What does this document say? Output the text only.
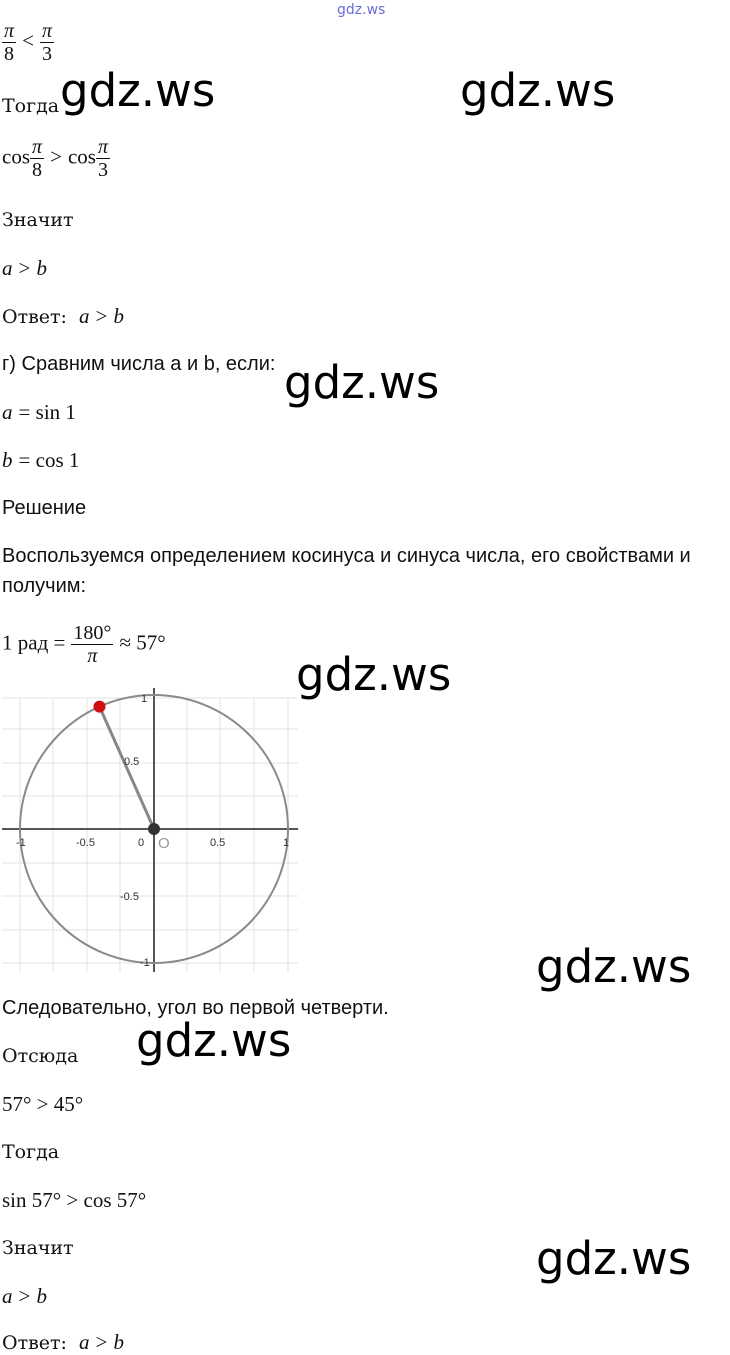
gdz.ws
$\frac{\pi}{8} < \frac{\pi}{3}$
Тогда
$\cos \frac{\pi}{8} > \cos \frac{\pi}{3}$
Значит
a > b
Ответ: a > b
г) Сравним числа a и b, если:
a = sin 1
b = cos 1
Решение
Воспользуемся определением косинуса и синуса числа, его свойствами и
получим:
1 рад = $\frac{180^\circ}{\pi} \approx 57^\circ$
1
0.5
-0.5
-1
-1	-0.5	0	0.5	1
O
Следовательно, угол во первой четверти.
Отсюда
57° > 45°
Тогда
sin 57° > cos 57°
Значит
a > b
Ответ: a > b
gdz.ws	gdz.ws
gdz.ws
gdz.ws
gdz.ws
gdz.ws
gdz.ws
